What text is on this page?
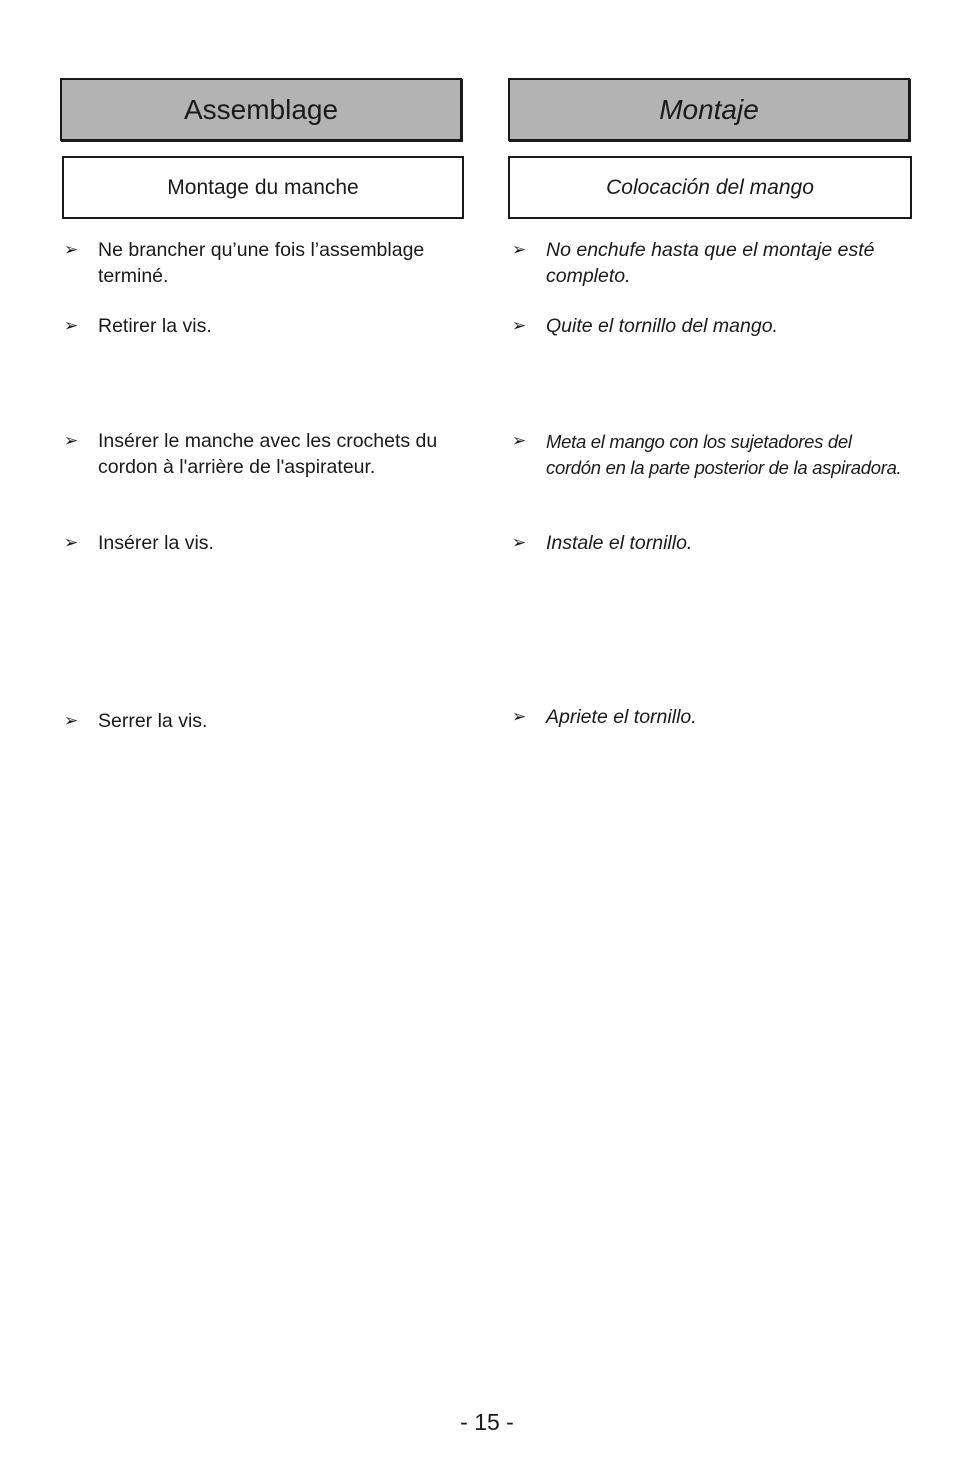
Assemblage
Montage du manche
➢	Ne brancher qu’une fois l’assemblage terminé.
➢	Retirer la vis.
➢	Insérer le manche avec les crochets du cordon à l'arrière de l'aspirateur.
➢	Insérer la vis.
➢	Serrer la vis.
Montaje
Colocación del mango
➢	No enchufe hasta que el montaje esté completo.
➢	Quite el tornillo del mango.
➢	Meta el mango con los sujetadores del cordón en la parte posterior de la aspiradora.
➢	Instale el tornillo.
➢	Apriete el tornillo.
- 15 -
